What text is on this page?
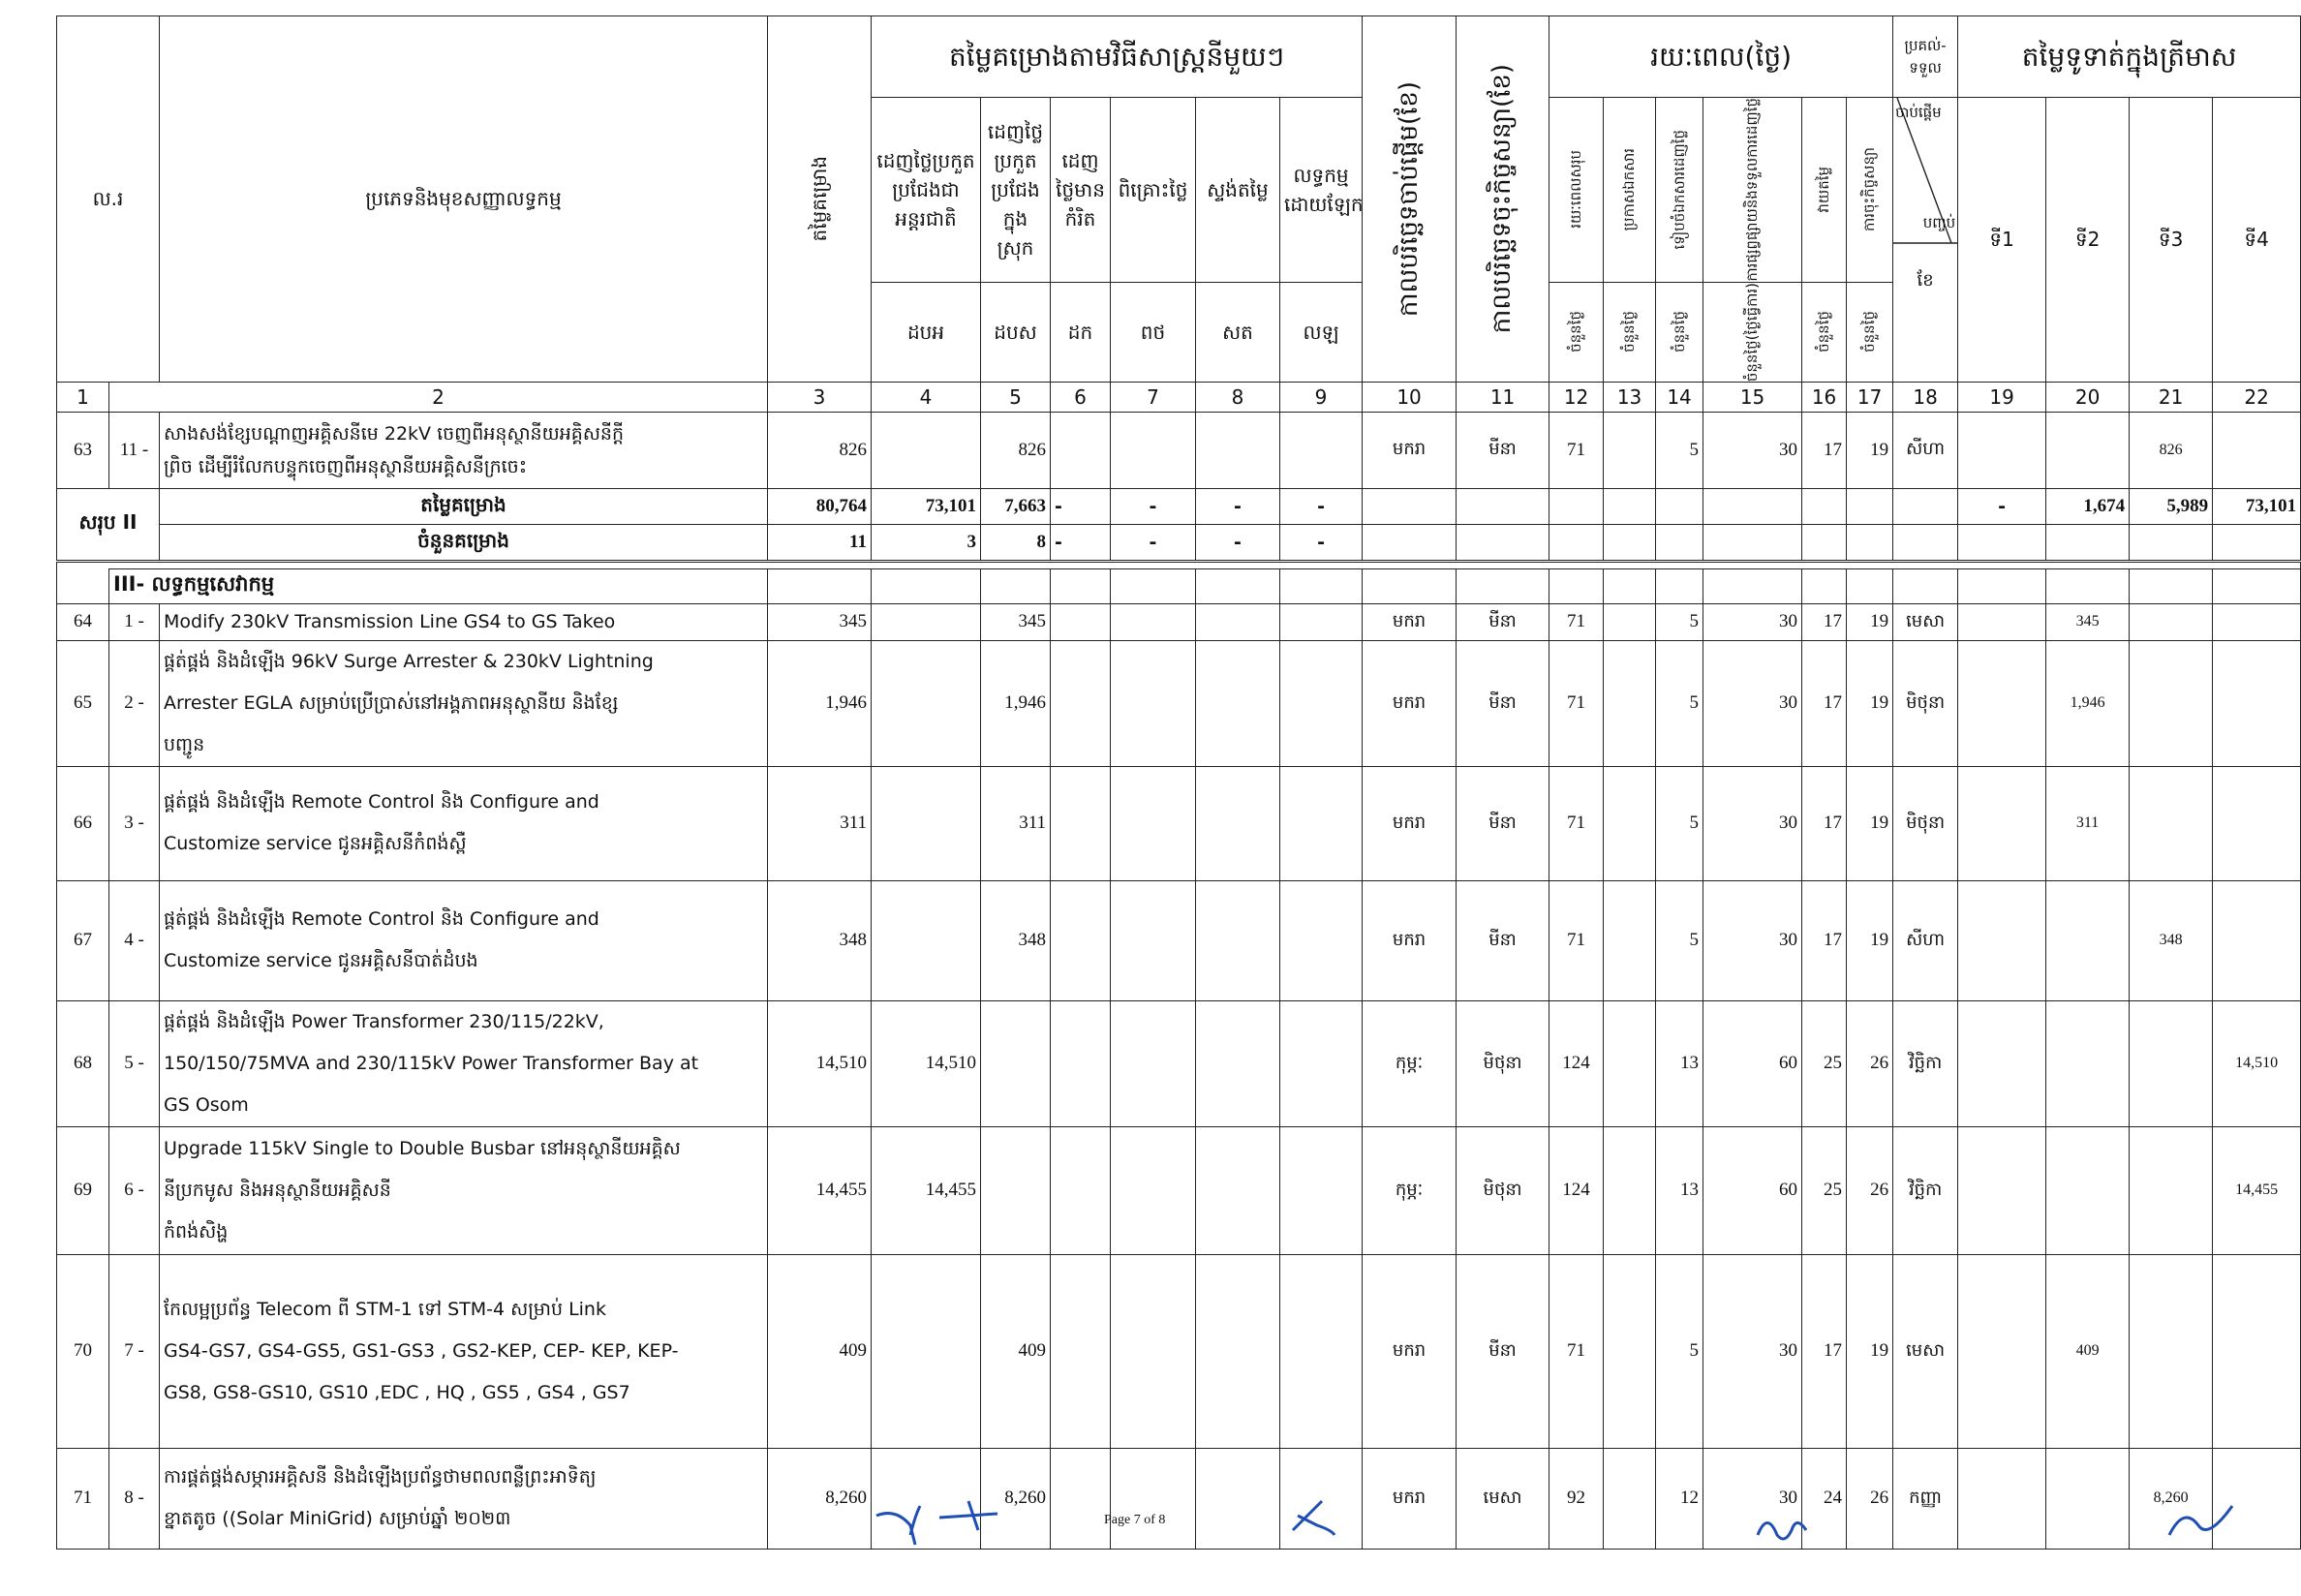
ល.រ		ប្រភេទនិងមុខសញ្ញាលទ្ធកម្ម	តម្លៃគម្រោង	តម្លៃគម្រោងតាមវិធីសាស្ត្រនីមួយៗ						កាលបរិច្ឆេទចាប់ផ្តើម(ខែ)	កាលបរិច្ឆេទចុះកិច្ចសន្យា(ខែ)	រយៈពេល(ថ្ងៃ)						ប្រគល់-ទទួល	តម្លៃទូទាត់ក្នុងត្រីមាស			
				ដេញថ្លៃប្រកួតប្រជែងជាអន្តរជាតិ	ដេញថ្លៃប្រកួតប្រជែងក្នុងស្រុក	ដេញថ្លៃមានកំរិត	ពិគ្រោះថ្លៃ	ស្ទង់តម្លៃ	លទ្ធកម្មដោយឡែក			រយៈពេលសរុប	ប្រកាសឯកសារ	ទៀបចំឯកសារដេញថ្លៃ	ការផ្សព្វផ្សាយនិងទទួលការដេញថ្លៃ	វាយតម្លៃ	ការចុះកិច្ចសន្យា	ចាប់ផ្តើម
បញ្ចប់
ខែ	ទី1	ទី2	ទី3	ទី4
				ដបអ	ដបស	ដក	ពថ	សត	លឡ			ចំនួនថ្ងៃ	ចំនួនថ្ងៃ	ចំនួនថ្ងៃ	ចំនួនថ្ងៃ(ថ្ងៃធ្វើការ)	ចំនួនថ្ងៃ	ចំនួនថ្ងៃ					

1	2		3	4	5	6	7	8	9	10	11	12	13	14	15	16	17	18	19	20	21	22
63	11 -	សាងសង់ខ្សែបណ្តាញអគ្គិសនីមេ 22kV ចេញពីអនុស្ថានីយអគ្គិសនីក្តី
ព្រិច ដើម្បីរំលែកបន្ទុកចេញពីអនុស្ថានីយអគ្គិសនីក្រចេះ	826		826					មករា	មីនា	71		5	30	17	19	សីហា			826	
សរុប II		តម្លៃគម្រោង	80,764	73,101	7,663	-	-	-	-										-	1,674	5,989	73,101
		ចំនួនគម្រោង	11	3	8	-	-	-	-													

	III- លទ្ធកម្មសេវាកម្ម																					
64	1 -	Modify 230kV Transmission Line GS4 to GS Takeo	345		345					មករា	មីនា	71		5	30	17	19	មេសា		345		
65	2 -	ផ្គត់ផ្គង់ និងដំឡើង 96kV Surge Arrester & 230kV Lightning
Arrester EGLA សម្រាប់ប្រើប្រាស់នៅអង្គភាពអនុស្ថានីយ និងខ្សែ
បញ្ជូន	1,946		1,946					មករា	មីនា	71		5	30	17	19	មិថុនា		1,946		
66	3 -	ផ្គត់ផ្គង់ និងដំឡើង Remote Control និង Configure and
Customize service ជូនអគ្គិសនីកំពង់ស្ពឺ	311		311					មករា	មីនា	71		5	30	17	19	មិថុនា		311		
67	4 -	ផ្គត់ផ្គង់ និងដំឡើង Remote Control និង Configure and
Customize service ជូនអគ្គិសនីបាត់ដំបង	348		348					មករា	មីនា	71		5	30	17	19	សីហា			348	
68	5 -	ផ្គត់ផ្គង់ និងដំឡើង Power Transformer 230/115/22kV,
150/150/75MVA and 230/115kV Power Transformer Bay at
GS Osom	14,510	14,510						កុម្ភៈ	មិថុនា	124		13	60	25	26	វិច្ឆិកា				14,510
69	6 -	Upgrade 115kV Single to Double Busbar នៅអនុស្ថានីយអគ្គិស
នីប្រកមូស និងអនុស្ថានីយអគ្គិសនី
កំពង់សិង្ហ	14,455	14,455						កុម្ភៈ	មិថុនា	124		13	60	25	26	វិច្ឆិកា				14,455
70	7 -	កែលម្អប្រព័ន្ធ Telecom ពី STM-1 ទៅ STM-4 សម្រាប់ Link
GS4-GS7, GS4-GS5, GS1-GS3 , GS2-KEP, CEP- KEP, KEP-
GS8, GS8-GS10, GS10 ,EDC , HQ , GS5 , GS4 , GS7	409		409					មករា	មីនា	71		5	30	17	19	មេសា		409		
71	8 -	ការផ្គត់ផ្គង់សម្ភារអគ្គិសនី និងដំឡើងប្រព័ន្ធថាមពលពន្លឺព្រះអាទិត្យ
ខ្នាតតូច ((Solar MiniGrid) សម្រាប់ឆ្នាំ ២០២៣	8,260		8,260					មករា	មេសា	92		12	30	24	26	កញ្ញា			8,260	
Page 7 of 8
